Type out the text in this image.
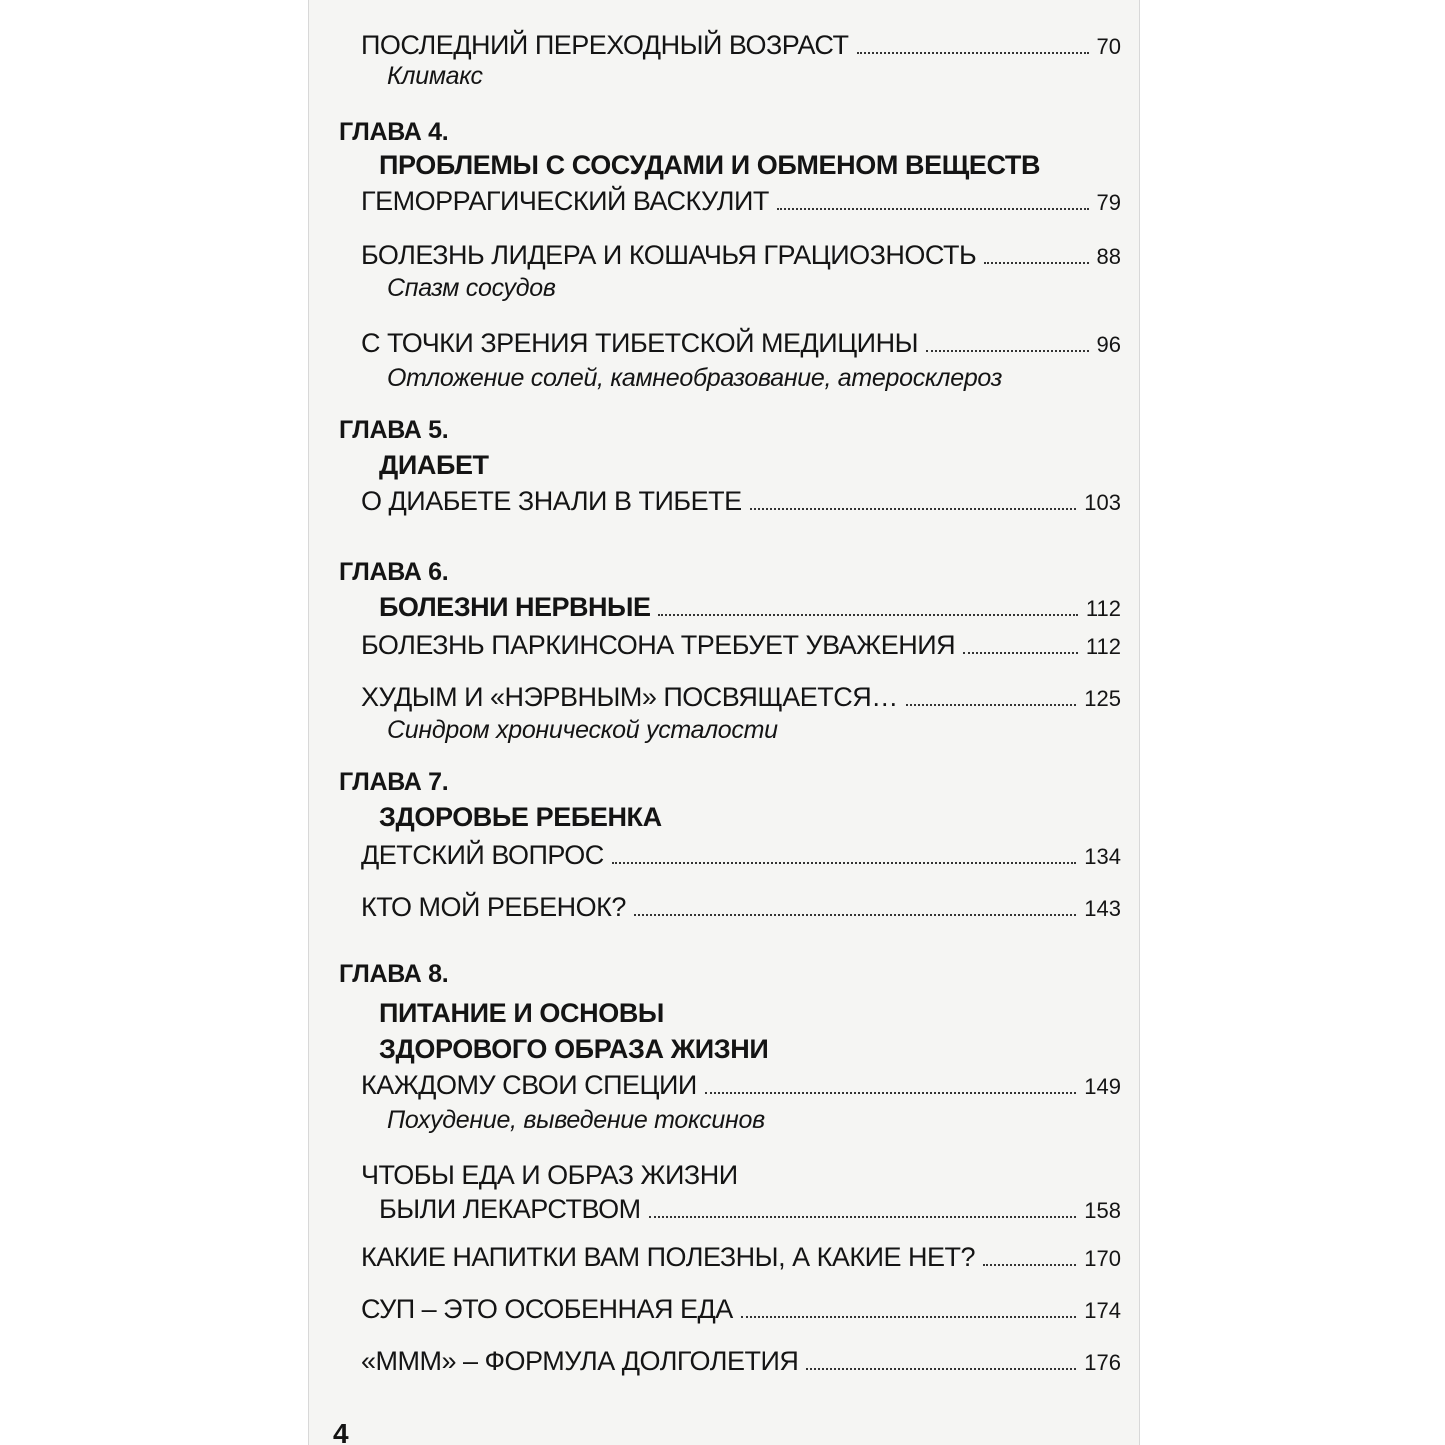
ПОСЛЕДНИЙ ПЕРЕХОДНЫЙ ВОЗРАСТ	70
Климакс
ГЛАВА 4.
ПРОБЛЕМЫ С СОСУДАМИ И ОБМЕНОМ ВЕЩЕСТВ
ГЕМОРРАГИЧЕСКИЙ ВАСКУЛИТ	79
БОЛЕЗНЬ ЛИДЕРА И КОШАЧЬЯ ГРАЦИОЗНОСТЬ	88
Спазм сосудов
С ТОЧКИ ЗРЕНИЯ ТИБЕТСКОЙ МЕДИЦИНЫ	96
Отложение солей, камнеобразование, атеросклероз
ГЛАВА 5.
ДИАБЕТ
О ДИАБЕТЕ ЗНАЛИ В ТИБЕТЕ	103
ГЛАВА 6.
БОЛЕЗНИ НЕРВНЫЕ	112
БОЛЕЗНЬ ПАРКИНСОНА ТРЕБУЕТ УВАЖЕНИЯ	112
ХУДЫМ И «НЭРВНЫМ» ПОСВЯЩАЕТСЯ…	125
Синдром хронической усталости
ГЛАВА 7.
ЗДОРОВЬЕ РЕБЕНКА
ДЕТСКИЙ ВОПРОС	134
КТО МОЙ РЕБЕНОК?	143
ГЛАВА 8.
ПИТАНИЕ И ОСНОВЫ
ЗДОРОВОГО ОБРАЗА ЖИЗНИ
КАЖДОМУ СВОИ СПЕЦИИ	149
Похудение, выведение токсинов
ЧТОБЫ ЕДА И ОБРАЗ ЖИЗНИ
БЫЛИ ЛЕКАРСТВОМ	158
КАКИЕ НАПИТКИ ВАМ ПОЛЕЗНЫ, А КАКИЕ НЕТ?	170
СУП – ЭТО ОСОБЕННАЯ ЕДА	174
«МММ» – ФОРМУЛА ДОЛГОЛЕТИЯ	176
4
